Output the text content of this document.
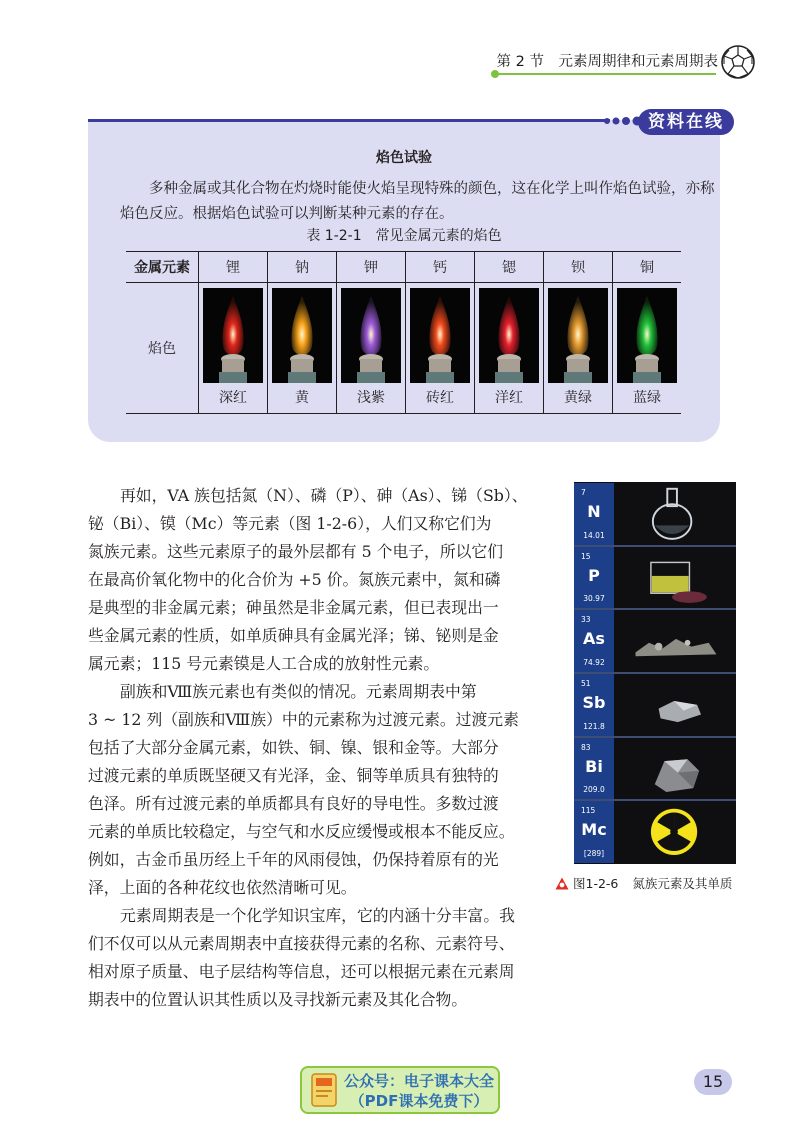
第 2 节　元素周期律和元素周期表
资料在线
焰色试验

多种金属或其化合物在灼烧时能使火焰呈现特殊的颜色，这在化学上叫作焰色试验，亦称焰色反应。根据焰色试验可以判断某种元素的存在。

表 1-2-1　常见金属元素的焰色
金属元素	锂	钠	钾	钙	锶	钡	铜
焰色	深红	黄	浅紫	砖红	洋红	黄绿	蓝绿

再如，VA 族包括氮（N）、磷（P）、砷（As）、锑（Sb）、
铋（Bi）、镆（Mc）等元素（图 1-2-6），人们又称它们为
氮族元素。这些元素原子的最外层都有 5 个电子，所以它们
在最高价氧化物中的化合价为 +5 价。氮族元素中，氮和磷
是典型的非金属元素；砷虽然是非金属元素，但已表现出一
些金属元素的性质，如单质砷具有金属光泽；锑、铋则是金
属元素；115 号元素镆是人工合成的放射性元素。

副族和Ⅷ族元素也有类似的情况。元素周期表中第
3 ~ 12 列（副族和Ⅷ族）中的元素称为过渡元素。过渡元素
包括了大部分金属元素，如铁、铜、镍、银和金等。大部分
过渡元素的单质既坚硬又有光泽，金、铜等单质具有独特的
色泽。所有过渡元素的单质都具有良好的导电性。多数过渡
元素的单质比较稳定，与空气和水反应缓慢或根本不能反应。
例如，古金币虽历经上千年的风雨侵蚀，仍保持着原有的光
泽，上面的各种花纹也依然清晰可见。

元素周期表是一个化学知识宝库，它的内涵十分丰富。我
们不仅可以从元素周期表中直接获得元素的名称、元素符号、
相对原子质量、电子层结构等信息，还可以根据元素在元素周
期表中的位置认识其性质以及寻找新元素及其化合物。

7
N
14.01
15
P
30.97
33
As
74.92
51
Sb
121.8
83
Bi
209.0
115
Mc
[289]
图1-2-6 氮族元素及其单质
公众号：电子课本大全
（PDF课本免费下）
15
